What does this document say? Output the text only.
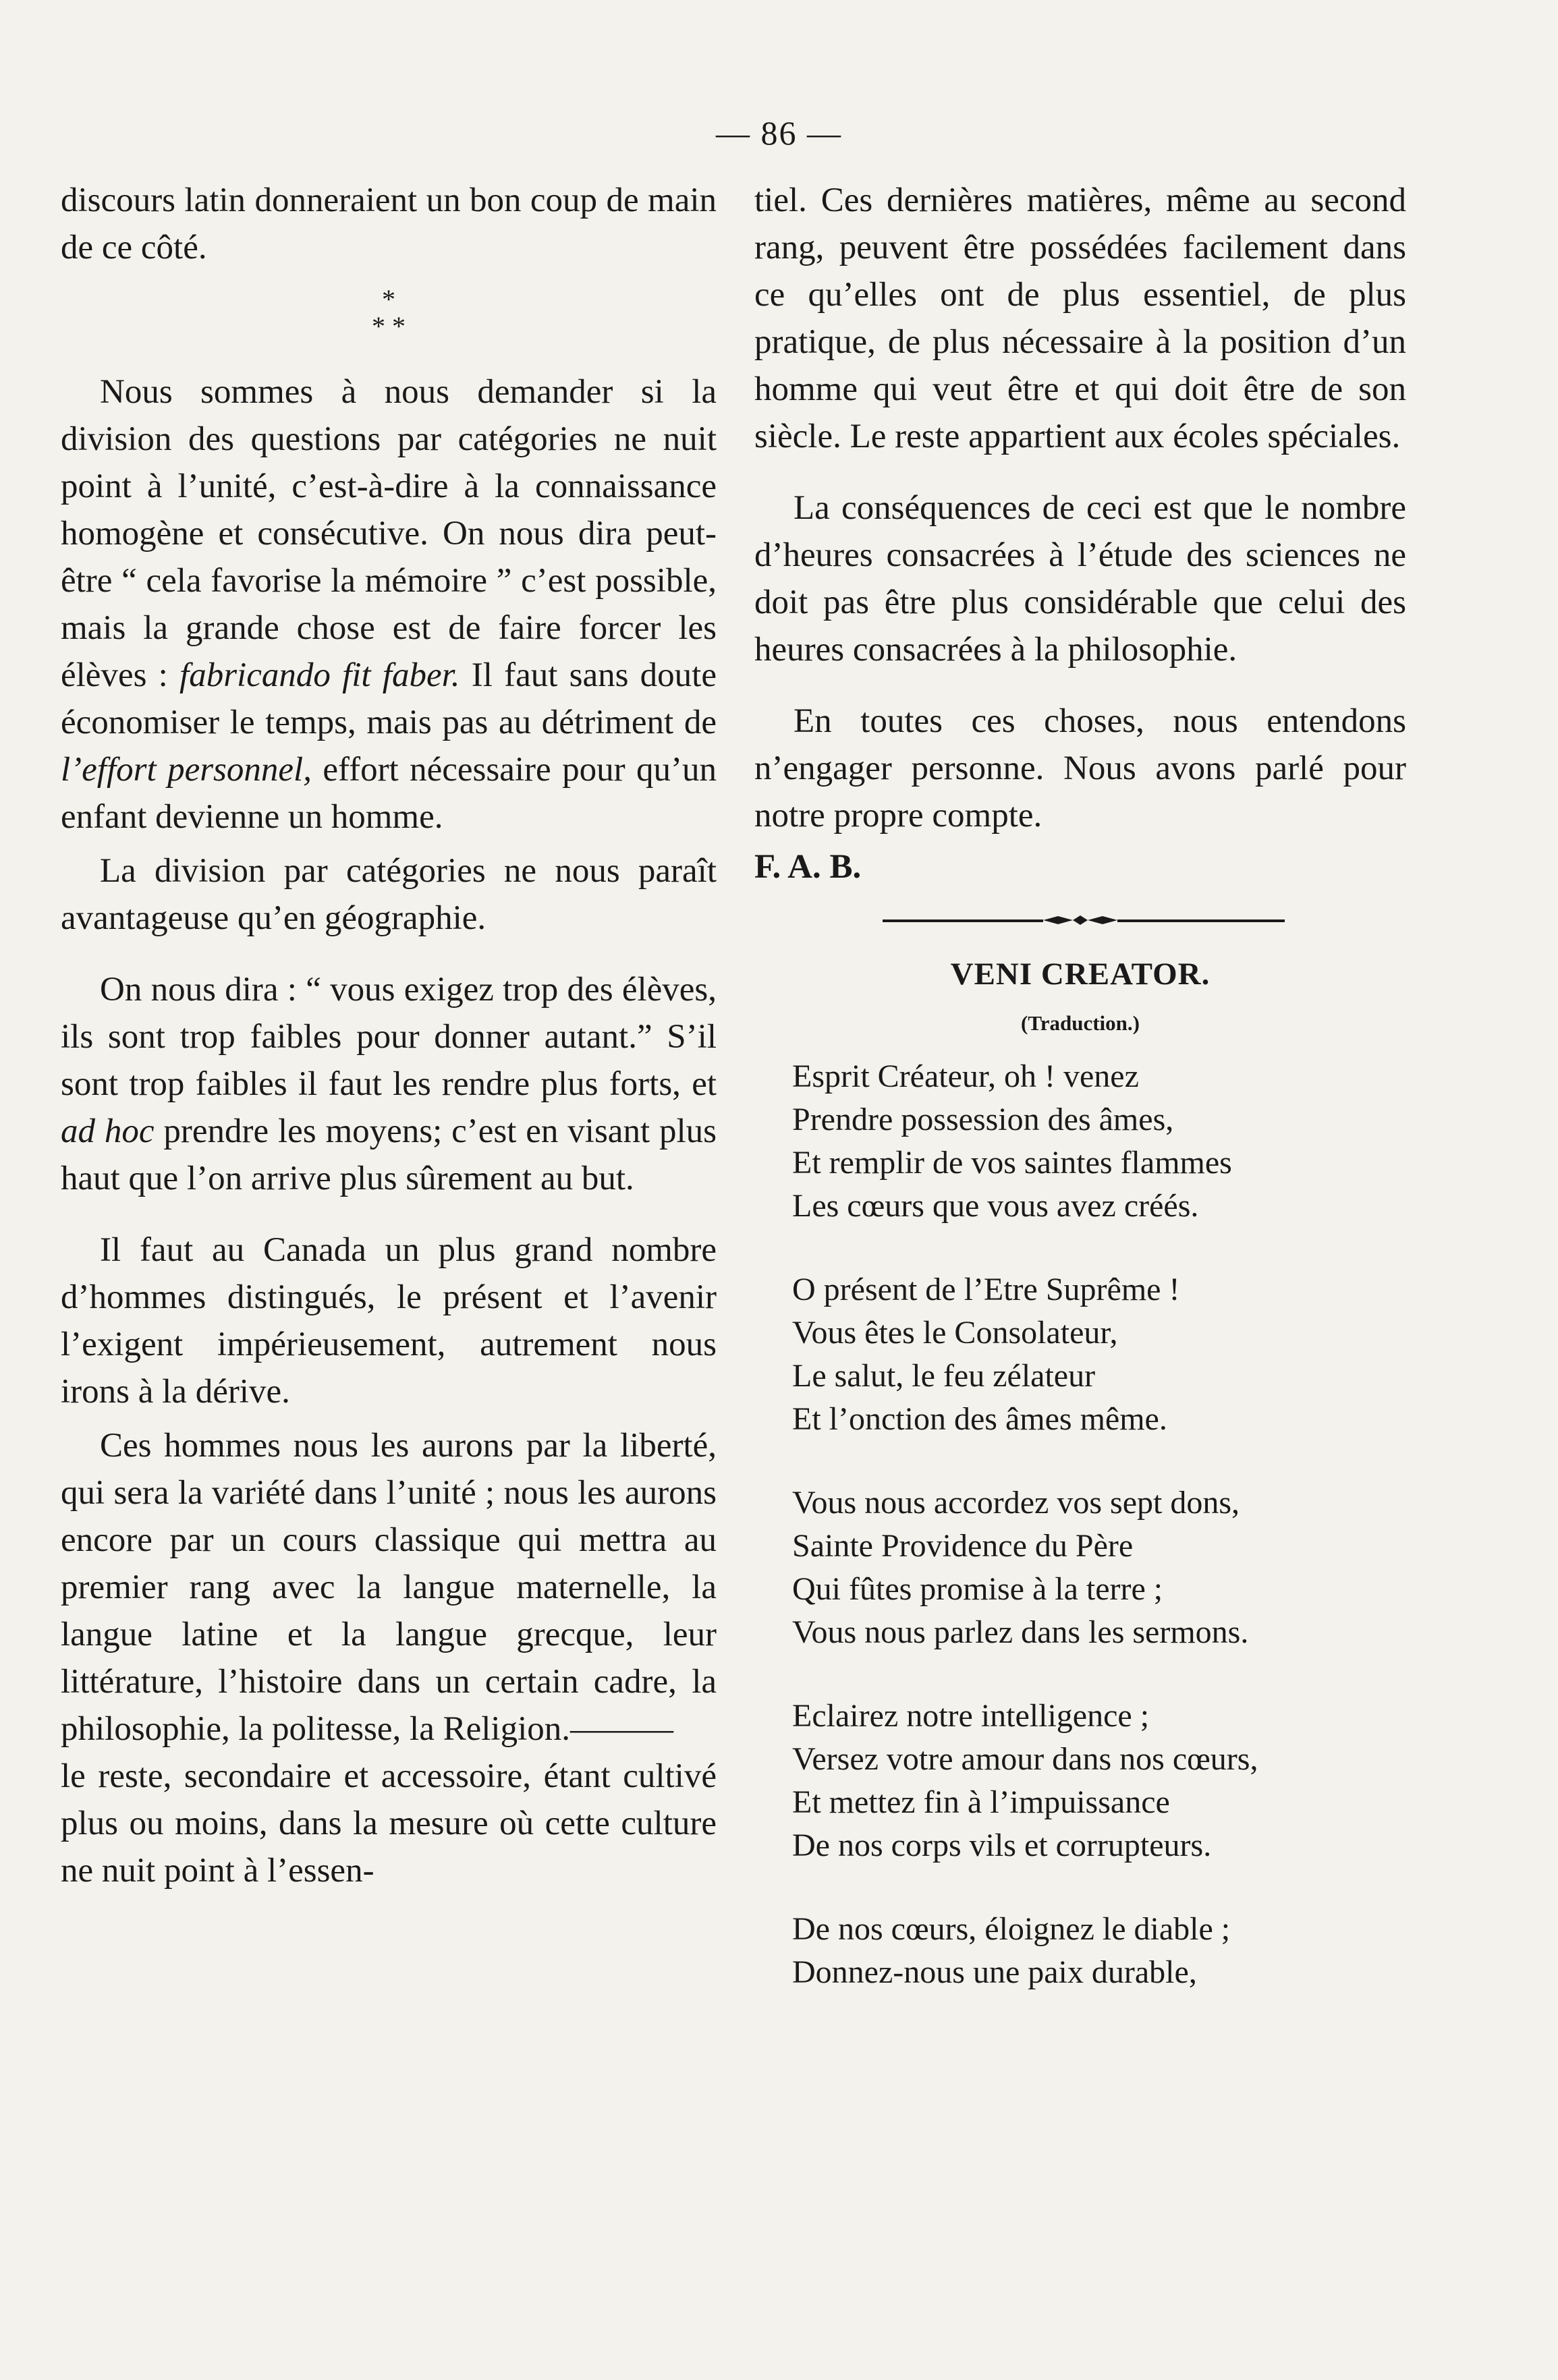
— 86 —

discours latin donneraient un bon coup de main de ce côté.

*
* *

Nous sommes à nous demander si la division des questions par catégories ne nuit point à l’unité, c’est-à-dire à la connaissance homogène et consécutive. On nous dira peut-être “ cela favorise la mémoire ” c’est possible, mais la grande chose est de faire forcer les élèves : fabricando fit faber. Il faut sans doute économiser le temps, mais pas au détriment de l’effort personnel, effort nécessaire pour qu’un enfant devienne un homme.

La division par catégories ne nous paraît avantageuse qu’en géographie.

On nous dira : “ vous exigez trop des élèves, ils sont trop faibles pour donner autant.” S’il sont trop faibles il faut les rendre plus forts, et ad hoc prendre les moyens; c’est en visant plus haut que l’on arrive plus sûrement au but.

Il faut au Canada un plus grand nombre d’hommes distingués, le présent et l’avenir l’exigent impérieusement, autrement nous irons à la dérive.

Ces hommes nous les aurons par la liberté, qui sera la variété dans l’unité ; nous les aurons encore par un cours classique qui mettra au premier rang avec la langue maternelle, la langue latine et la langue grecque, leur littérature, l’histoire dans un certain cadre, la philosophie, la politesse, la Religion.———

le reste, secondaire et accessoire, étant cultivé plus ou moins, dans la mesure où cette culture ne nuit point à l’essen-

tiel. Ces dernières matières, même au second rang, peuvent être possédées facilement dans ce qu’elles ont de plus essentiel, de plus pratique, de plus nécessaire à la position d’un homme qui veut être et qui doit être de son siècle. Le reste appartient aux écoles spéciales.

La conséquences de ceci est que le nombre d’heures consacrées à l’étude des sciences ne doit pas être plus considérable que celui des heures consacrées à la philosophie.

En toutes ces choses, nous entendons n’engager personne. Nous avons parlé pour notre propre compte.

F. A. B.

VENI CREATOR.
(Traduction.)
Esprit Créateur, oh ! venez
Prendre possession des âmes,
Et remplir de vos saintes flammes
Les cœurs que vous avez créés.
O présent de l’Etre Suprême !
Vous êtes le Consolateur,
Le salut, le feu zélateur
Et l’onction des âmes même.
Vous nous accordez vos sept dons,
Sainte Providence du Père
Qui fûtes promise à la terre ;
Vous nous parlez dans les sermons.
Eclairez notre intelligence ;
Versez votre amour dans nos cœurs,
Et mettez fin à l’impuissance
De nos corps vils et corrupteurs.
De nos cœurs, éloignez le diable ;
Donnez-nous une paix durable,
